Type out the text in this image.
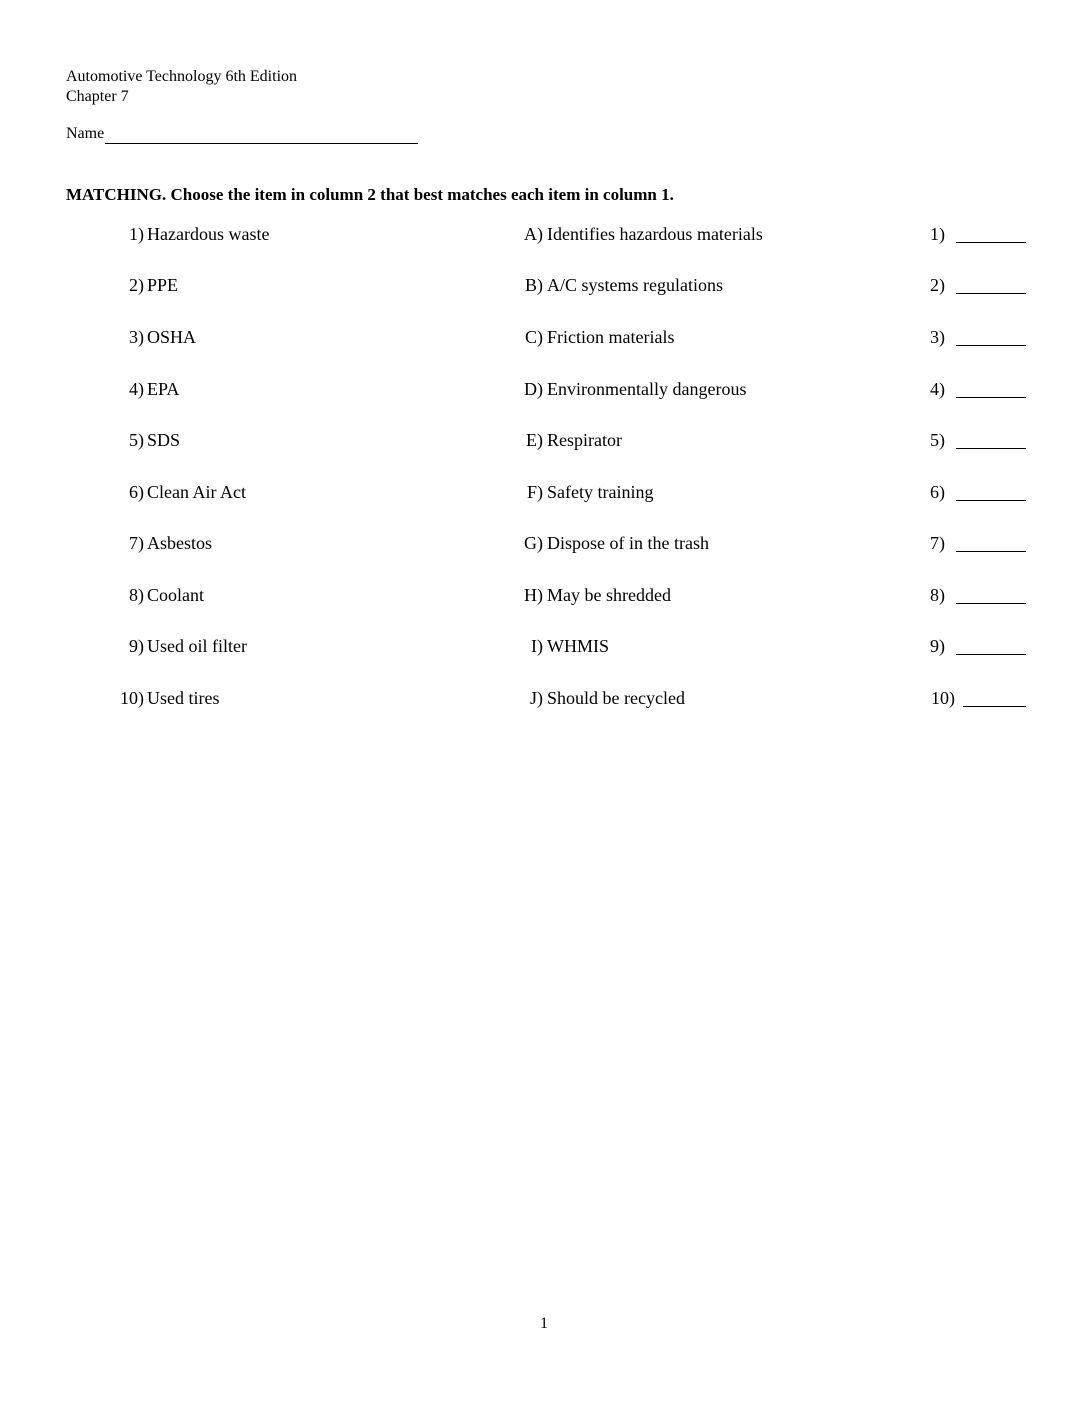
Automotive Technology 6th Edition
Chapter 7
Name
MATCHING. Choose the item in column 2 that best matches each item in column 1.
1) Hazardous waste	A) Identifies hazardous materials	1)
2) PPE	B) A/C systems regulations	2)
3) OSHA	C) Friction materials	3)
4) EPA	D) Environmentally dangerous	4)
5) SDS	E) Respirator	5)
6) Clean Air Act	F) Safety training	6)
7) Asbestos	G) Dispose of in the trash	7)
8) Coolant	H) May be shredded	8)
9) Used oil filter	I) WHMIS	9)
10) Used tires	J) Should be recycled	10)
1
